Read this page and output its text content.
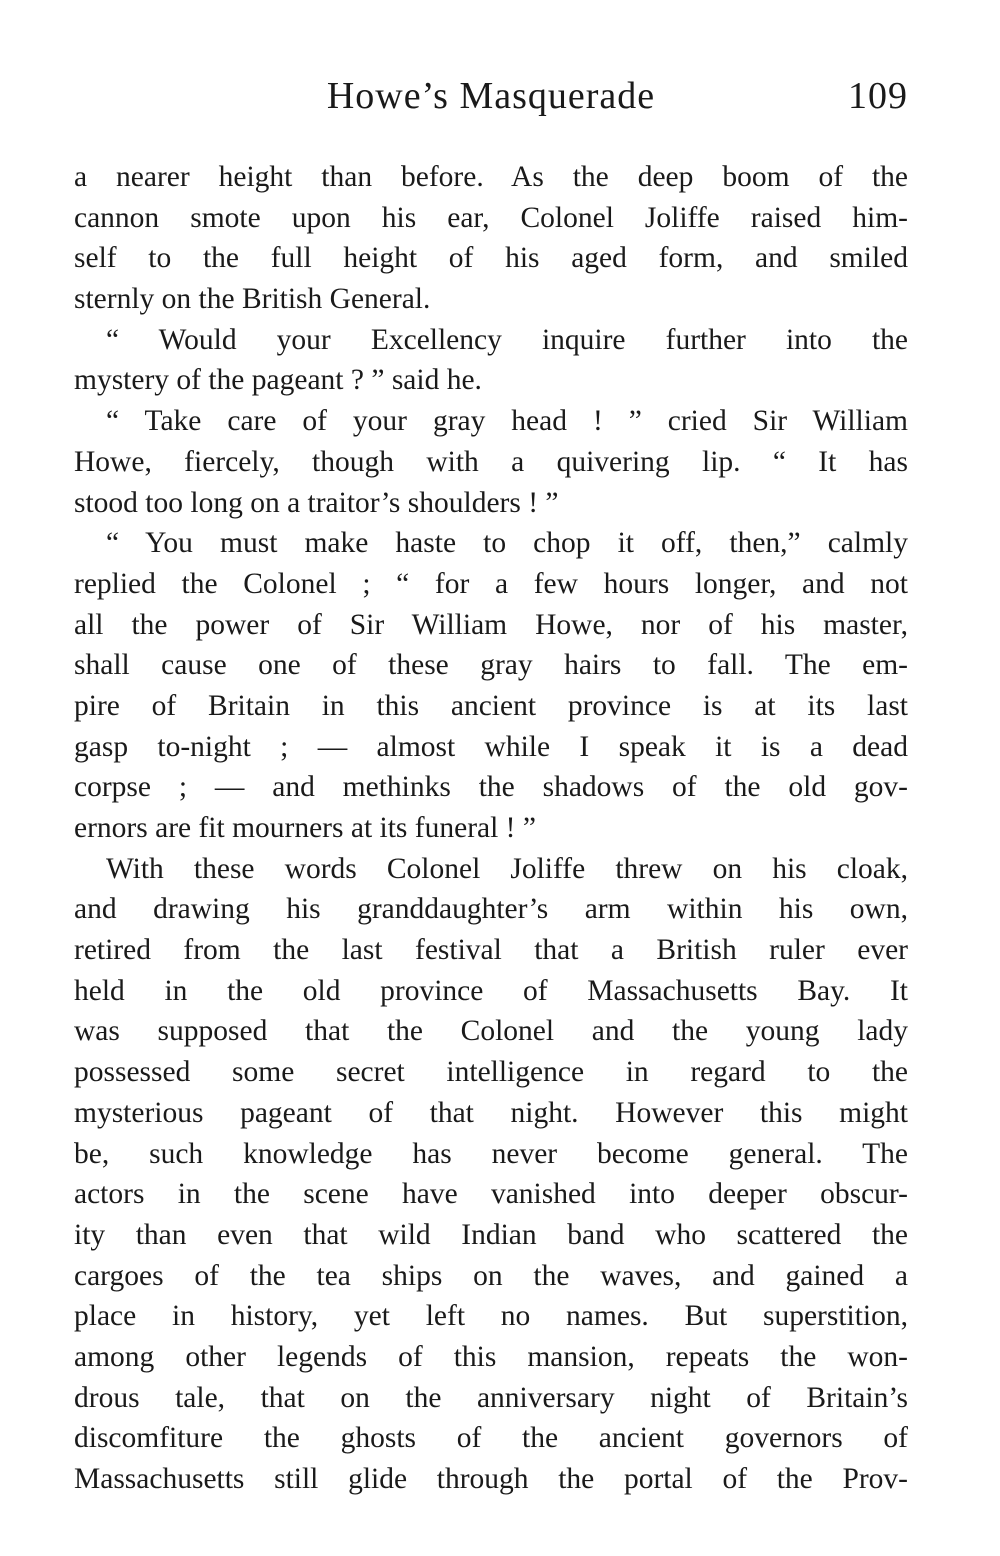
Howe’s Masquerade	109
a nearer height than before. As the deep boom of the
cannon smote upon his ear, Colonel Joliffe raised him-
self to the full height of his aged form, and smiled
sternly on the British General.
“ Would your Excellency inquire further into the
mystery of the pageant ? ” said he.
“ Take care of your gray head ! ” cried Sir William
Howe, fiercely, though with a quivering lip. “ It has
stood too long on a traitor’s shoulders ! ”
“ You must make haste to chop it off, then,” calmly
replied the Colonel ; “ for a few hours longer, and not
all the power of Sir William Howe, nor of his master,
shall cause one of these gray hairs to fall. The em-
pire of Britain in this ancient province is at its last
gasp to-night ; — almost while I speak it is a dead
corpse ; — and methinks the shadows of the old gov-
ernors are fit mourners at its funeral ! ”
With these words Colonel Joliffe threw on his cloak,
and drawing his granddaughter’s arm within his own,
retired from the last festival that a British ruler ever
held in the old province of Massachusetts Bay. It
was supposed that the Colonel and the young lady
possessed some secret intelligence in regard to the
mysterious pageant of that night. However this might
be, such knowledge has never become general. The
actors in the scene have vanished into deeper obscur-
ity than even that wild Indian band who scattered the
cargoes of the tea ships on the waves, and gained a
place in history, yet left no names. But superstition,
among other legends of this mansion, repeats the won-
drous tale, that on the anniversary night of Britain’s
discomfiture the ghosts of the ancient governors of
Massachusetts still glide through the portal of the Prov-
